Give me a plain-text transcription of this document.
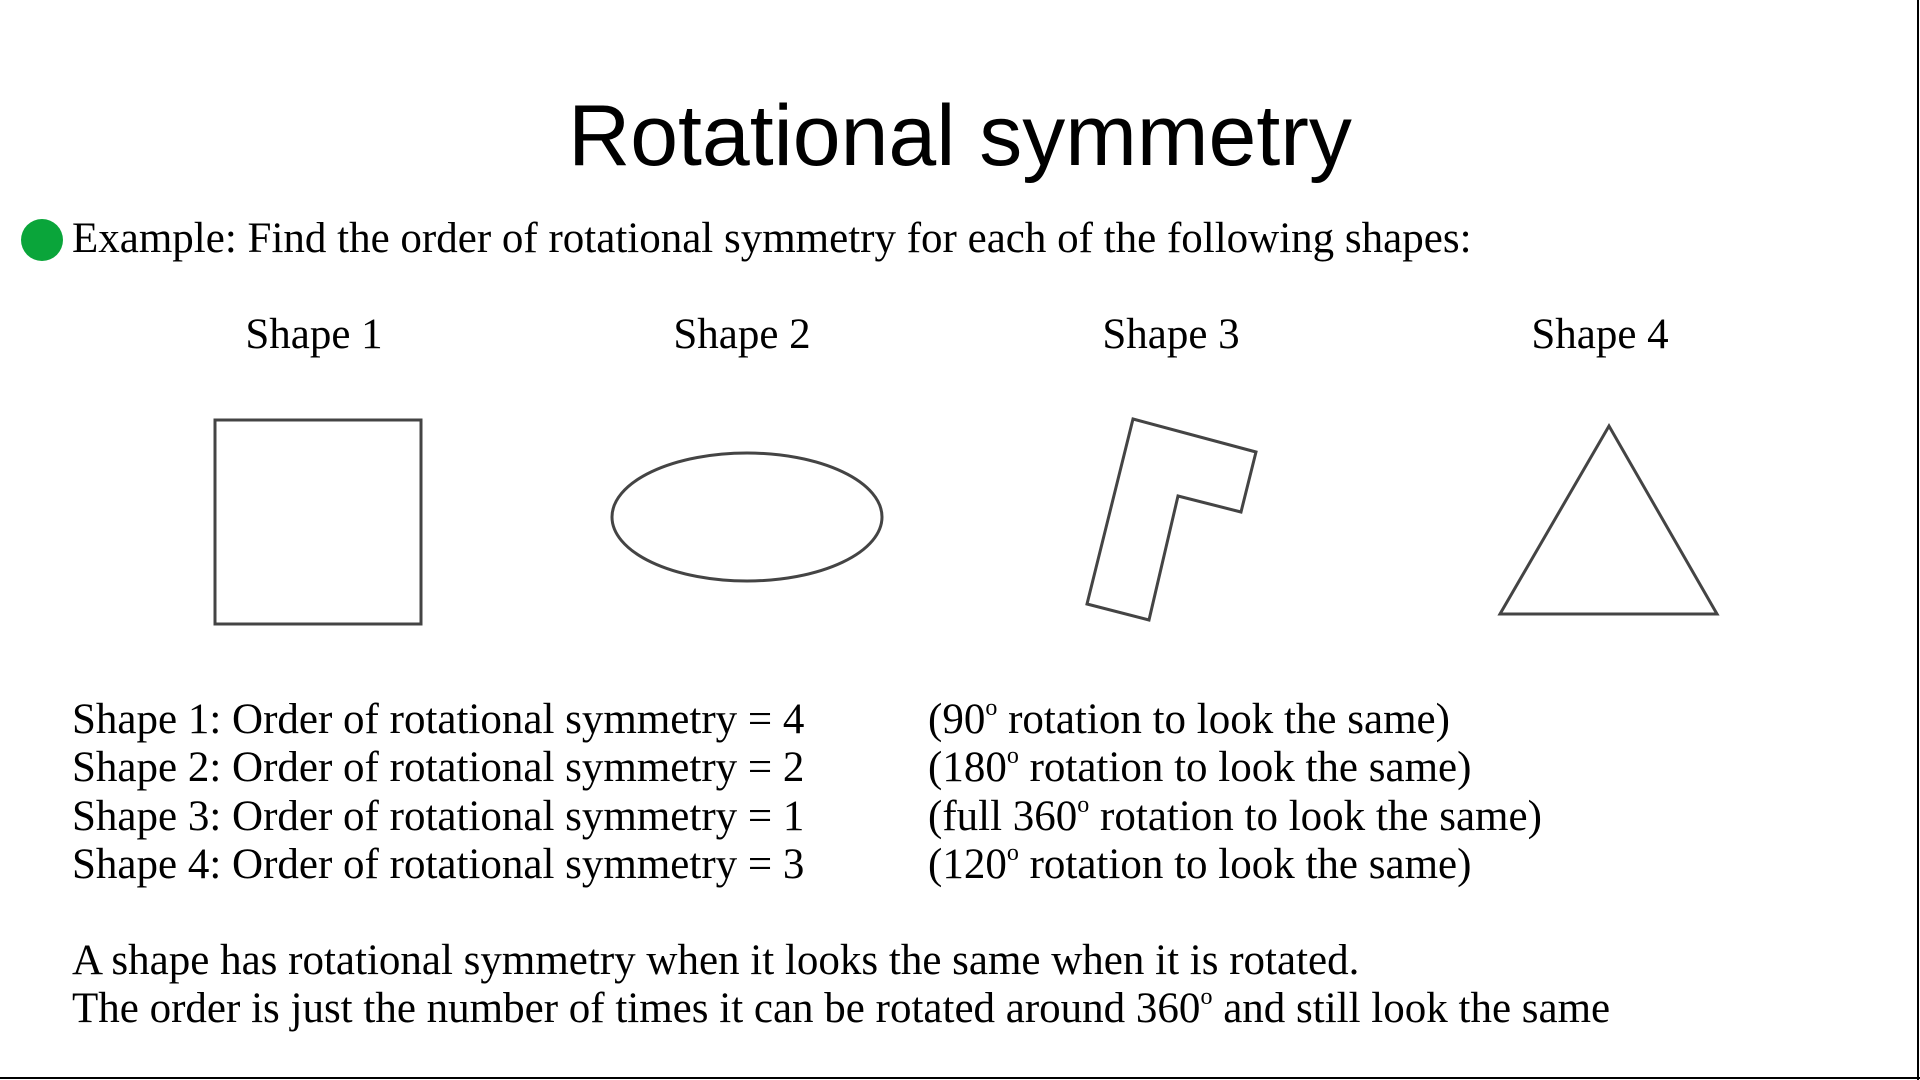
Rotational symmetry
Example: Find the order of rotational symmetry for each of the following shapes:
Shape 1	Shape 2	Shape 3	Shape 4
Shape 1: Order of rotational symmetry = 4	(90$^o$ rotation to look the same)
Shape 2: Order of rotational symmetry = 2	(180$^o$ rotation to look the same)
Shape 3: Order of rotational symmetry = 1	(full 360$^o$ rotation to look the same)
Shape 4: Order of rotational symmetry = 3	(120$^o$ rotation to look the same)
A shape has rotational symmetry when it looks the same when it is rotated.
The order is just the number of times it can be rotated around 360$^o$ and still look the same
